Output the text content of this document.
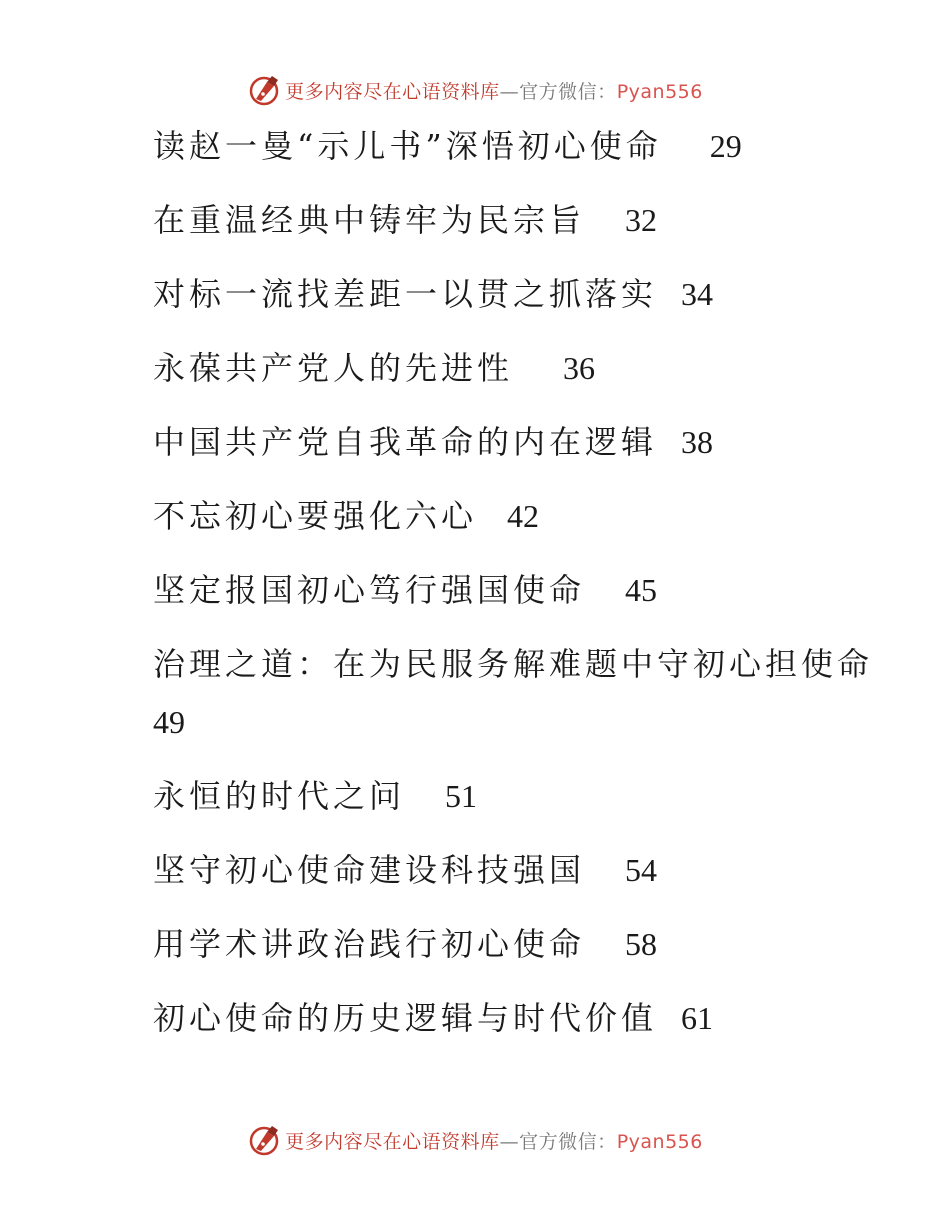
更多内容尽在心语资料库—官方微信：Pyan556
读赵一曼“示儿书”深悟初心使命 29
在重温经典中铸牢为民宗旨 32
对标一流找差距一以贯之抓落实 34
永葆共产党人的先进性 36
中国共产党自我革命的内在逻辑 38
不忘初心要强化六心 42
坚定报国初心笃行强国使命 45
治理之道：在为民服务解难题中守初心担使命
49
永恒的时代之问 51
坚守初心使命建设科技强国 54
用学术讲政治践行初心使命 58
初心使命的历史逻辑与时代价值 61
更多内容尽在心语资料库—官方微信：Pyan556
